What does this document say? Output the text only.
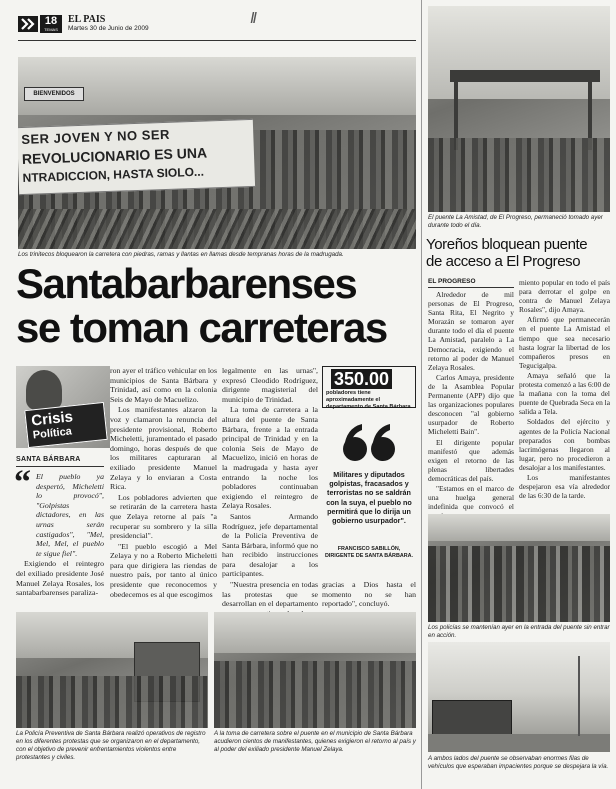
18
TEMAS
EL PAIS
Martes 30 de Junio de 2009
II
BIENVENIDOS
SER JOVEN Y NO SER
REVOLUCIONARIO ES UNA
NTRADICCION, HASTA SIOLO...
Los trinitecos bloquearon la carretera con piedras, ramas y llantas en llamas desde tempranas horas de la madrugada.
Santabarbarenses
se toman carreteras
Crisis
Política
SANTA BÁRBARA
“ El pueblo ya despertó, Micheletti lo provocó", "Golpistas dictadores, en las urnas serán castigados", "Mel, Mel, Mel, el pueblo te sigue fiel".

Exigiendo el reintegro del exiliado presidente José Manuel Zelaya Rosales, los santabarbarenses paraliza-

ron ayer el tráfico vehicular en los municipios de Santa Bárbara y Trinidad, así como en la colonia Seis de Mayo de Macuelizo.

Los manifestantes alzaron la voz y clamaron la renuncia del presidente provisional, Roberto Micheletti, juramentado el pasado domingo, horas después de que los militares capturaran al exiliado presidente Manuel Zelaya y lo enviaran a Costa Rica.

Los pobladores advierten que se retirarán de la carretera hasta que Zelaya retorne al país "a recuperar su sombrero y la silla presidencial".

"El pueblo escogió a Mel Zelaya y no a Roberto Micheletti para que dirigiera las riendas de nuestro país, por tanto al único presidente que reconocemos y obedecemos es al que escogimos

legalmente en las urnas", expresó Cleodido Rodríguez, dirigente magisterial del municipio de Trinidad.

La toma de carretera a la altura del puente de Santa Bárbara, frente a la entrada principal de Trinidad y en la colonia Seis de Mayo de Macuelizo, inició en horas de la madrugada y hasta ayer entrando la noche los pobladores continuaban exigiendo el reintegro de Zelaya Rosales.

Santos Armando Rodríguez, jefe departamental de la Policía Preventiva de Santa Bárbara, informó que no han recibido instrucciones para desalojar a los participantes.

"Nuestra presencia en todas las protestas que se desarrollan en el departamento

350.00
pobladores tiene aproximadamente el departamento de Santa Bárbara.
Militares y diputados golpistas, fracasados y terroristas no se saldrán con la suya, el pueblo no permitirá que lo dirija un gobierno usurpador".
FRANCISCO SABILLÓN, DIRIGENTE DE SANTA BÁRBARA.
gracias a Dios hasta el momento no se han reportado", concluyó.
La Policía Preventiva de Santa Bárbara realizó operativos de registro en los diferentes protestas que se organizaron en el departamento, con el objetivo de prevenir enfrentamientos violentos entre protestantes y civiles.
A la toma de carretera sobre el puente en el municipio de Santa Bárbara acudieron cientos de manifestantes, quienes exigieron el retorno al país y al poder del exiliado presidente Manuel Zelaya.
El puente La Amistad, de El Progreso, permaneció tomado ayer durante todo el día.
Yoreños bloquean puente
de acceso a El Progreso
EL PROGRESO

Alrededor de mil personas de El Progreso, Santa Rita, El Negrito y Morazán se tomaron ayer durante todo el día el puente La Amistad, paralelo a La Democracia, exigiendo el retorno al poder de Manuel Zelaya Rosales.

Carlos Amaya, presidente de la Asamblea Popular Permanente (APP) dijo que las organizaciones populares desconocen "al gobierno usurpador de Roberto Micheletti Bain".

El dirigente popular manifestó que además exigen el retorno de las plenas libertades democráticas del país.

"Estamos en el marco de una huelga general indefinida que convocó el

miento popular en todo el país para derrotar el golpe en contra de Manuel Zelaya Rosales", dijo Amaya.

Afirmó que permanecerán en el puente La Amistad el tiempo que sea necesario hasta lograr la libertad de los compañeros presos en Tegucigalpa.

Amaya señaló que la protesta comenzó a las 6:00 de la mañana con la toma del puente de Quebrada Seca en la salida a Tela.

Soldados del ejército y agentes de la Policía Nacional preparados con bombas lacrimógenas llegaron al lugar, pero no procedieron a desalojar a los manifestantes.

Los manifestantes despejaron esa vía alrededor de las 6:30 de la tarde.

Los policías se mantenían ayer en la entrada del puente sin entrar en acción.
A ambos lados del puente se observaban enormes filas de vehículos que esperaban impacientes porque se despejara la vía.
